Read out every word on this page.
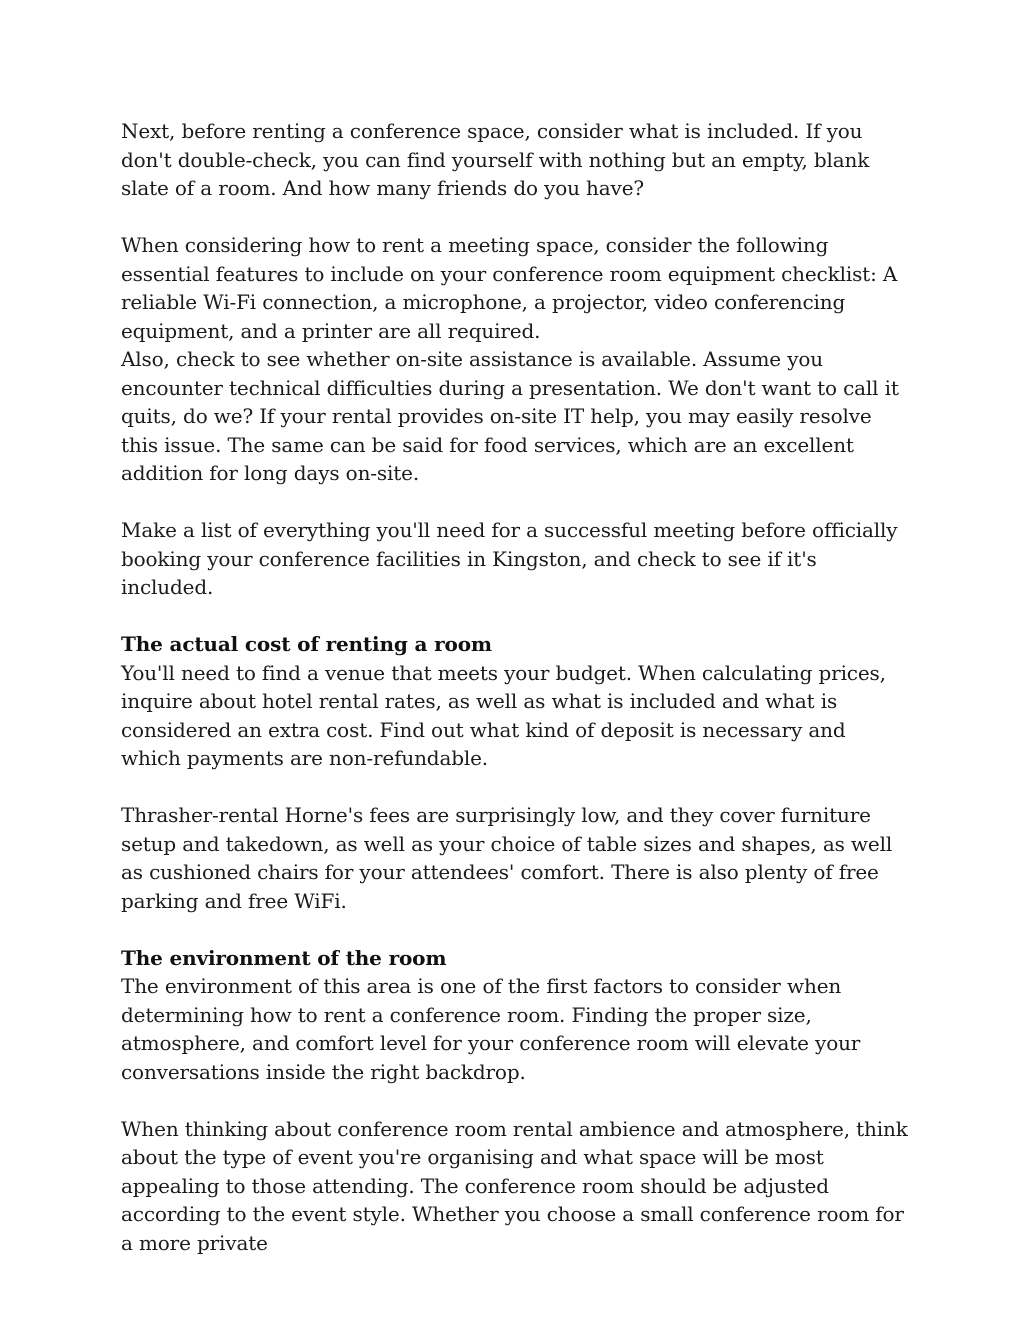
Next, before renting a conference space, consider what is included. If you don't double-check, you can find yourself with nothing but an empty, blank slate of a room. And how many friends do you have?

When considering how to rent a meeting space, consider the following essential features to include on your conference room equipment checklist: A reliable Wi-Fi connection, a microphone, a projector, video conferencing equipment, and a printer are all required.

Also, check to see whether on-site assistance is available. Assume you encounter technical difficulties during a presentation. We don't want to call it quits, do we? If your rental provides on-site IT help, you may easily resolve this issue. The same can be said for food services, which are an excellent addition for long days on-site.

Make a list of everything you'll need for a successful meeting before officially booking your conference facilities in Kingston, and check to see if it's included.

The actual cost of renting a room

You'll need to find a venue that meets your budget. When calculating prices, inquire about hotel rental rates, as well as what is included and what is considered an extra cost. Find out what kind of deposit is necessary and which payments are non-refundable.

Thrasher-rental Horne's fees are surprisingly low, and they cover furniture setup and takedown, as well as your choice of table sizes and shapes, as well as cushioned chairs for your attendees' comfort. There is also plenty of free parking and free WiFi.

The environment of the room

The environment of this area is one of the first factors to consider when determining how to rent a conference room. Finding the proper size, atmosphere, and comfort level for your conference room will elevate your conversations inside the right backdrop.

When thinking about conference room rental ambience and atmosphere, think about the type of event you're organising and what space will be most appealing to those attending. The conference room should be adjusted according to the event style. Whether you choose a small conference room for a more private
